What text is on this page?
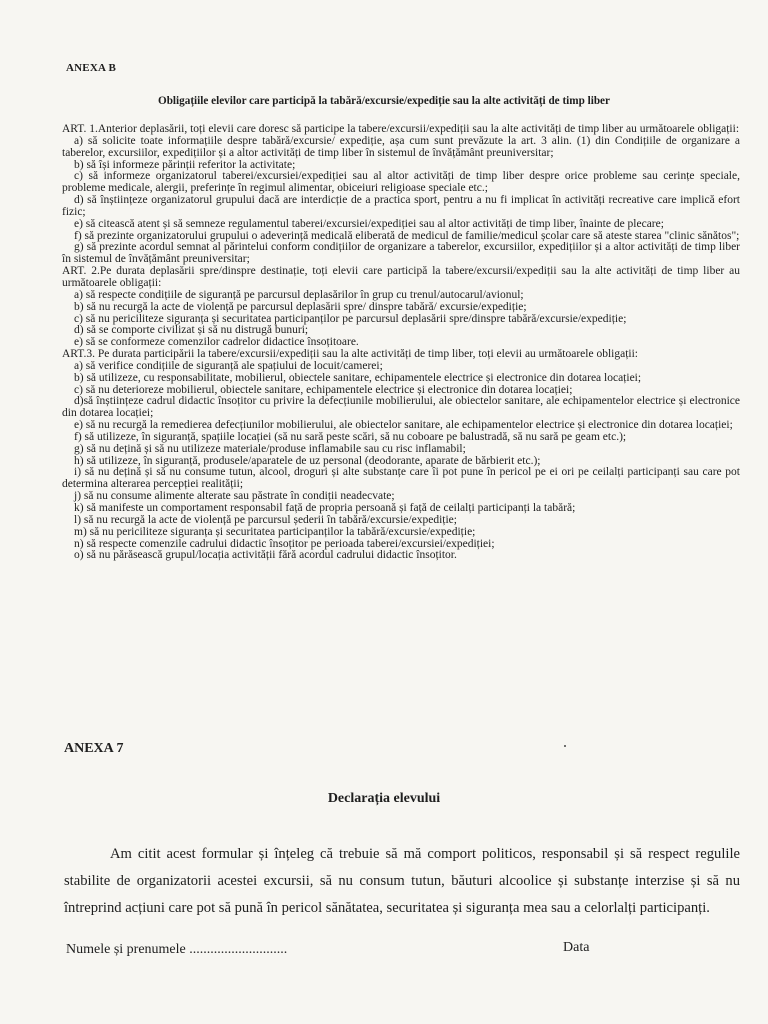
ANEXA B
Obligațiile elevilor care participă la tabără/excursie/expediție sau la alte activități de timp liber
ART. 1.Anterior deplasării, toți elevii care doresc să participe la tabere/excursii/expediții sau la alte activități de timp liber au următoarele obligații:
a) să solicite toate informațiile despre tabără/excursie/ expediție, așa cum sunt prevăzute la art. 3 alin. (1) din Condițiile de organizare a taberelor, excursiilor, expedițiilor și a altor activități de timp liber în sistemul de învățământ preuniversitar;
b) să își informeze părinții referitor la activitate;
c) să informeze organizatorul taberei/excursiei/expediției sau al altor activități de timp liber despre orice probleme sau cerințe speciale, probleme medicale, alergii, preferințe în regimul alimentar, obiceiuri religioase speciale etc.;
d) să înștiințeze organizatorul grupului dacă are interdicție de a practica sport, pentru a nu fi implicat în activități recreative care implică efort fizic;
e) să citească atent și să semneze regulamentul taberei/excursiei/expediției sau al altor activități de timp liber, înainte de plecare;
f) să prezinte organizatorului grupului o adeverință medicală eliberată de medicul de familie/medicul școlar care să ateste starea "clinic sănătos";
g) să prezinte acordul semnat al părintelui conform condițiilor de organizare a taberelor, excursiilor, expedițiilor și a altor activități de timp liber în sistemul de învățământ preuniversitar;
ART. 2.Pe durata deplasării spre/dinspre destinație, toți elevii care participă la tabere/excursii/expediții sau la alte activități de timp liber au următoarele obligații:
a) să respecte condițiile de siguranță pe parcursul deplasărilor în grup cu trenul/autocarul/avionul;
b) să nu recurgă la acte de violență pe parcursul deplasării spre/ dinspre tabără/ excursie/expediție;
c) să nu periciliteze siguranța și securitatea participanților pe parcursul deplasării spre/dinspre tabără/excursie/expediție;
d) să se comporte civilizat și să nu distrugă bunuri;
e) să se conformeze comenzilor cadrelor didactice însoțitoare.
ART.3. Pe durata participării la tabere/excursii/expediții sau la alte activități de timp liber, toți elevii au următoarele obligații:
a) să verifice condițiile de siguranță ale spațiului de locuit/camerei;
b) să utilizeze, cu responsabilitate, mobilierul, obiectele sanitare, echipamentele electrice și electronice din dotarea locației;
c) să nu deterioreze mobilierul, obiectele sanitare, echipamentele electrice și electronice din dotarea locației;
d)să înștiințeze cadrul didactic însoțitor cu privire la defecțiunile mobilierului, ale obiectelor sanitare, ale echipamentelor electrice și electronice din dotarea locației;
e) să nu recurgă la remedierea defecțiunilor mobilierului, ale obiectelor sanitare, ale echipamentelor electrice și electronice din dotarea locației;
f) să utilizeze, în siguranță, spațiile locației (să nu sară peste scări, să nu coboare pe balustradă, să nu sară pe geam etc.);
g) să nu dețină și să nu utilizeze materiale/produse inflamabile sau cu risc inflamabil;
h) să utilizeze, în siguranță, produsele/aparatele de uz personal (deodorante, aparate de bărbierit etc.);
i) să nu dețină și să nu consume tutun, alcool, droguri și alte substanțe care îi pot pune în pericol pe ei ori pe ceilalți participanți sau care pot determina alterarea percepției realității;
j) să nu consume alimente alterate sau păstrate în condiții neadecvate;
k) să manifeste un comportament responsabil față de propria persoană și față de ceilalți participanți la tabără;
l) să nu recurgă la acte de violență pe parcursul șederii în tabără/excursie/expediție;
m) să nu periciliteze siguranța și securitatea participanților la tabără/excursie/expediție;
n) să respecte comenzile cadrului didactic însoțitor pe perioada taberei/excursiei/expediției;
o) să nu părăsească grupul/locația activității fără acordul cadrului didactic însoțitor.
ANEXA 7
Declarația elevului
Am citit acest formular și înțeleg că trebuie să mă comport politicos, responsabil și să respect regulile stabilite de organizatorii acestei excursii, să nu consum tutun, băuturi alcoolice și substanțe interzise și să nu întreprind acțiuni care pot să pună în pericol sănătatea, securitatea și siguranța mea sau a celorlalți participanți.
Numele și prenumele ............................	Data
